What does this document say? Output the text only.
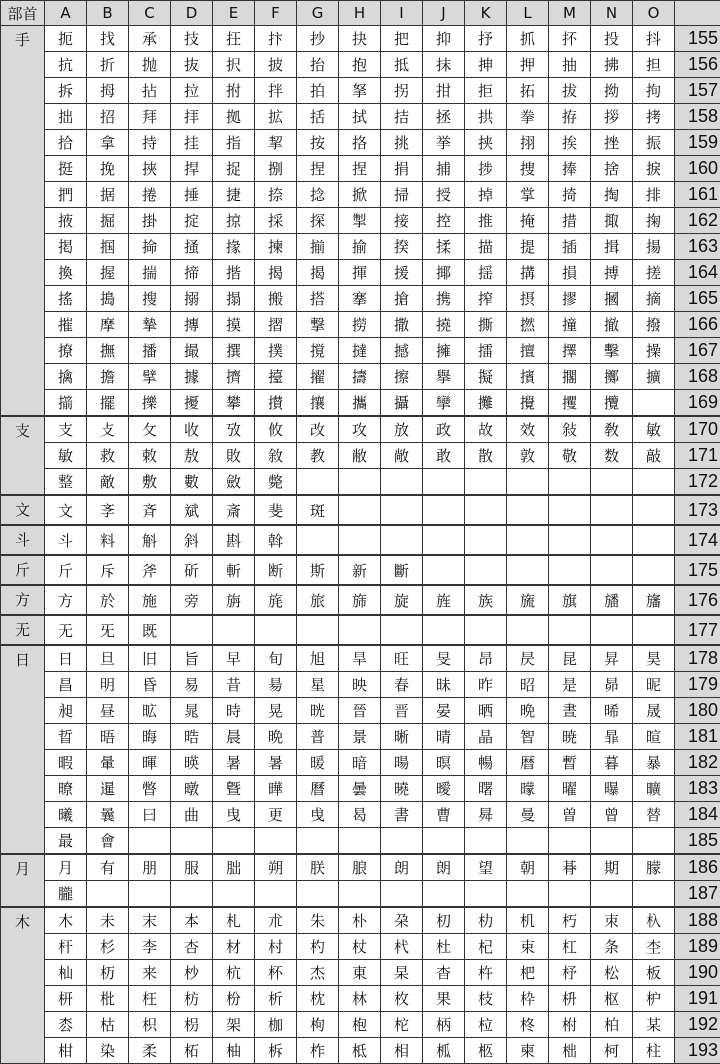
部首	A	B	C	D	E	F	G	H	I	J	K	L	M	N	O	
手	扼	找	承	技	抂	抃	抄	抉	把	抑	抒	抓	抔	投	抖	155
	抗	折	抛	抜	択	披	抬	抱	抵	抹	抻	押	抽	拂	担	156
	拆	拇	拈	拉	拊	拌	拍	拏	拐	拑	拒	拓	拔	拗	拘	157
	拙	招	拜	拝	拠	拡	括	拭	拮	拯	拱	拳	拵	拶	拷	158
	拾	拿	持	挂	指	挈	按	挌	挑	挙	挟	挧	挨	挫	振	159
	挺	挽	挾	捍	捉	捌	捏	捏	捐	捕	捗	捜	捧	捨	捩	160
	捫	据	捲	捶	捷	捺	捻	掀	掃	授	掉	掌	掎	掏	排	161
	掖	掘	掛	掟	掠	採	探	掣	接	控	推	掩	措	掫	掬	162
	掲	掴	掵	掻	掾	揀	揃	揄	揆	揉	描	提	插	揖	揚	163
	換	握	揣	揥	揩	揭	揭	揮	援	揶	揺	搆	損	搏	搓	164
	搖	搗	搜	搦	搨	搬	搭	搴	搶	携	搾	摂	摎	摑	摘	165
	摧	摩	摯	摶	摸	摺	撃	撈	撒	撓	撕	撚	撞	撤	撥	166
	撩	撫	播	撮	撰	撲	撹	撻	撼	擁	擂	擅	擇	擊	操	167
	擒	擔	擘	據	擠	擡	擢	擣	擦	擧	擬	擯	擱	擲	擴	168
	擶	擺	擽	擾	攀	攅	攘	攜	攝	攣	攤	攪	攫	攬		169
支	支	攴	攵	收	攷	攸	改	攻	放	政	故	效	敍	敎	敏	170
	敏	救	敕	敖	敗	敘	教	敝	敞	敢	散	敦	敬	数	敲	171
	整	敵	敷	數	斂	斃										172
文	文	斈	斉	斌	斎	斐	斑									173
斗	斗	料	斛	斜	斟	斡										174
斤	斤	斥	斧	斫	斬	断	斯	新	斷							175
方	方	於	施	旁	旃	旄	旅	旆	旋	旌	族	旒	旗	旙	旛	176
无	无	旡	既													177
日	日	旦	旧	旨	早	旬	旭	旱	旺	旻	昂	昃	昆	昇	昊	178
	昌	明	昏	易	昔	昜	星	映	春	昧	昨	昭	是	昴	昵	179
	昶	昼	昿	晁	時	晃	晄	晉	晋	晏	晒	晩	晝	晞	晟	180
	晢	晤	晦	晧	晨	晩	普	景	晰	晴	晶	智	暁	暃	暄	181
	暇	暈	暉	暎	暑	暑	暖	暗	暘	暝	暢	暦	暫	暮	暴	182
	暸	暹	暼	暾	曁	曄	曆	曇	曉	曖	曙	曚	曜	曝	曠	183
	曦	曩	曰	曲	曳	更	曵	曷	書	曹	曻	曼	曽	曾	替	184
	最	會														185
月	月	有	朋	服	朏	朔	朕	朖	朗	朗	望	朝	朞	期	朦	186
	朧															187
木	木	未	末	本	札	朮	朱	朴	朶	朷	朸	机	朽	朿	杁	188
	杆	杉	李	杏	材	村	杓	杖	杙	杜	杞	束	杠	条	杢	189
	杣	杤	来	杪	杭	杯	杰	東	杲	杳	杵	杷	杼	松	板	190
	枅	枇	枉	枋	枌	析	枕	林	枚	果	枝	枠	枡	枢	枦	191
	枩	枯	枳	枴	架	枷	枸	枹	柁	柄	柆	柊	柎	柏	某	192
	柑	染	柔	柘	柚	柝	柞	柢	相	柧	柩	柬	柮	柯	柱	193
